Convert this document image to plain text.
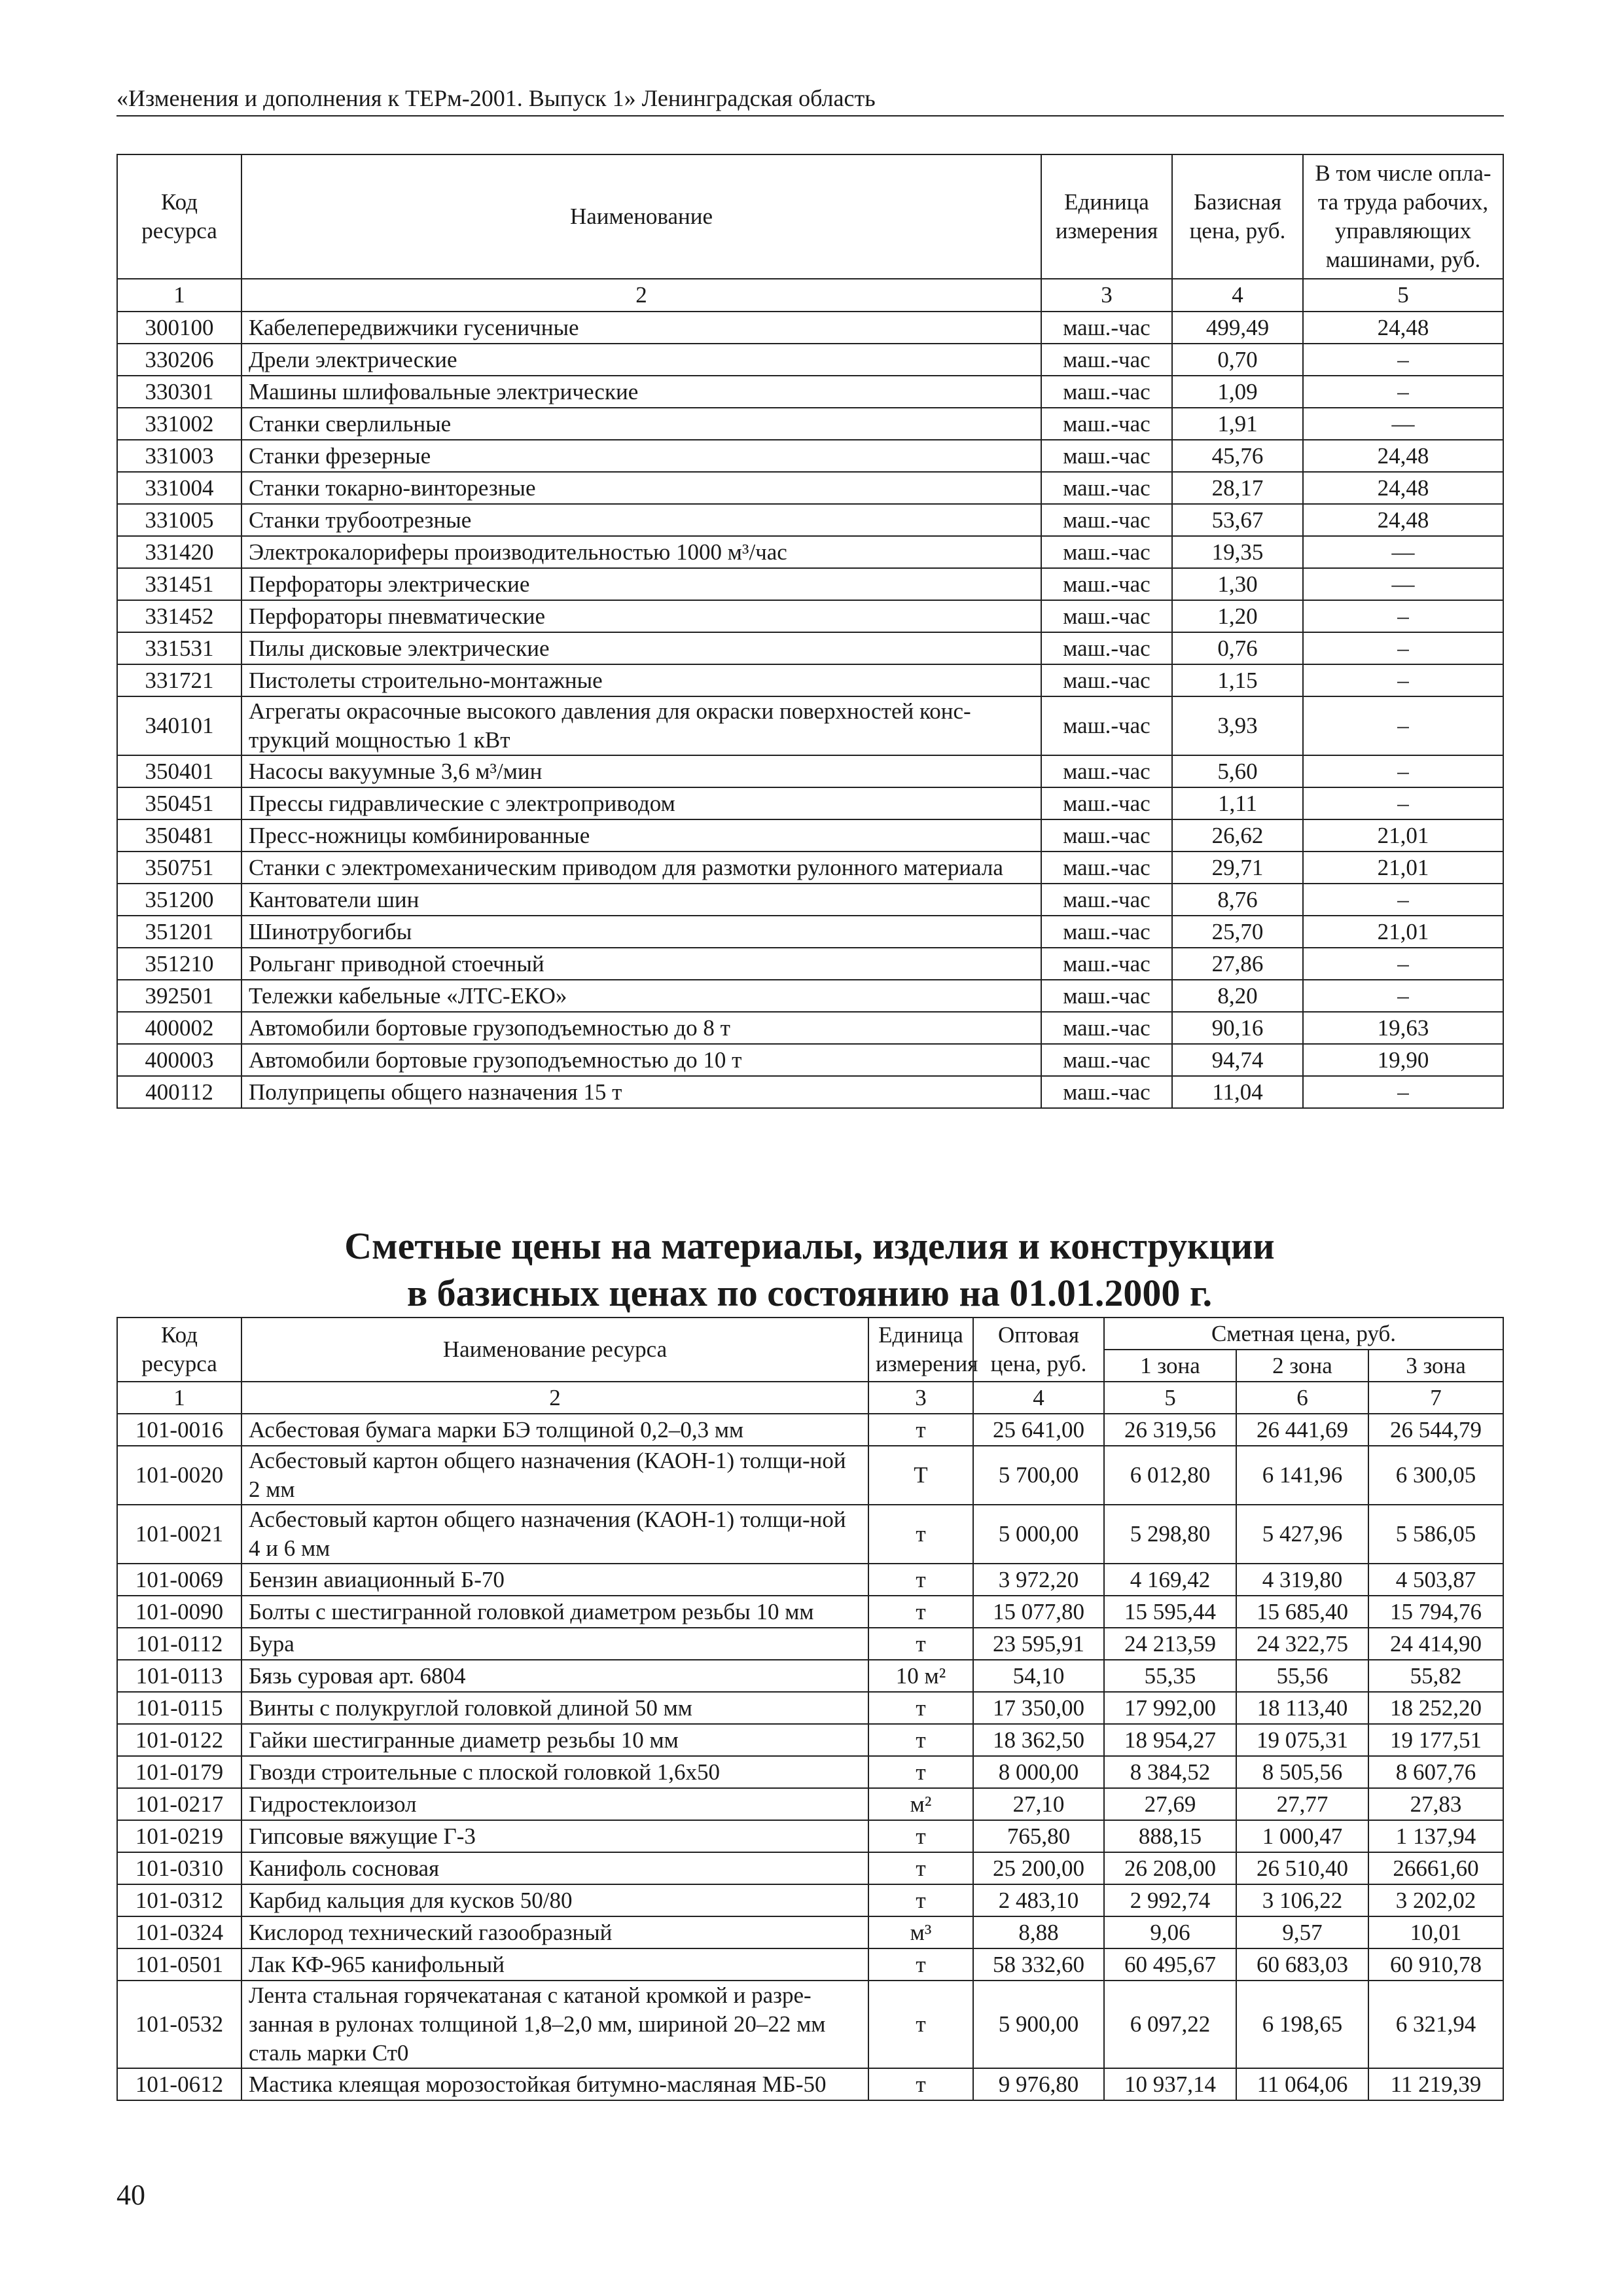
«Изменения и дополнения к ТЕРм-2001. Выпуск 1» Ленинградская область
Код ресурса	Наименование	Единица измерения	Базисная цена, руб.	В том числе опла-та труда рабочих, управляющих машинами, руб.
1	2	3	4	5
300100	Кабелепередвижчики гусеничные	маш.-час	499,49	24,48
330206	Дрели электрические	маш.-час	0,70	–
330301	Машины шлифовальные электрические	маш.-час	1,09	–
331002	Станки сверлильные	маш.-час	1,91	—
331003	Станки фрезерные	маш.-час	45,76	24,48
331004	Станки токарно-винторезные	маш.-час	28,17	24,48
331005	Станки трубоотрезные	маш.-час	53,67	24,48
331420	Электрокалориферы производительностью 1000 м³/час	маш.-час	19,35	—
331451	Перфораторы электрические	маш.-час	1,30	—
331452	Перфораторы пневматические	маш.-час	1,20	–
331531	Пилы дисковые электрические	маш.-час	0,76	–
331721	Пистолеты строительно-монтажные	маш.-час	1,15	–
340101	Агрегаты окрасочные высокого давления для окраски поверхностей конс-трукций мощностью 1 кВт	маш.-час	3,93	–
350401	Насосы вакуумные 3,6 м³/мин	маш.-час	5,60	–
350451	Прессы гидравлические с электроприводом	маш.-час	1,11	–
350481	Пресс-ножницы комбинированные	маш.-час	26,62	21,01
350751	Станки с электромеханическим приводом для размотки рулонного материала	маш.-час	29,71	21,01
351200	Кантователи шин	маш.-час	8,76	–
351201	Шинотрубогибы	маш.-час	25,70	21,01
351210	Рольганг приводной стоечный	маш.-час	27,86	–
392501	Тележки кабельные «ЛТС-ЕКО»	маш.-час	8,20	–
400002	Автомобили бортовые грузоподъемностью до 8 т	маш.-час	90,16	19,63
400003	Автомобили бортовые грузоподъемностью до 10 т	маш.-час	94,74	19,90
400112	Полуприцепы общего назначения 15 т	маш.-час	11,04	–
Сметные цены на материалы, изделия и конструкции
в базисных ценах по состоянию на 01.01.2000 г.
Код ресурса	Наименование ресурса	Единица измерения	Оптовая цена, руб.	Сметная цена, руб.		
				1 зона	2 зона	3 зона
1	2	3	4	5	6	7
101-0016	Асбестовая бумага марки БЭ толщиной 0,2–0,3 мм	т	25 641,00	26 319,56	26 441,69	26 544,79
101-0020	Асбестовый картон общего назначения (КАОН-1) толщи-ной 2 мм	Т	5 700,00	6 012,80	6 141,96	6 300,05
101-0021	Асбестовый картон общего назначения (КАОН-1) толщи-ной 4 и 6 мм	т	5 000,00	5 298,80	5 427,96	5 586,05
101-0069	Бензин авиационный Б-70	т	3 972,20	4 169,42	4 319,80	4 503,87
101-0090	Болты с шестигранной головкой диаметром резьбы 10 мм	т	15 077,80	15 595,44	15 685,40	15 794,76
101-0112	Бура	т	23 595,91	24 213,59	24 322,75	24 414,90
101-0113	Бязь суровая арт. 6804	10 м²	54,10	55,35	55,56	55,82
101-0115	Винты с полукруглой головкой длиной 50 мм	т	17 350,00	17 992,00	18 113,40	18 252,20
101-0122	Гайки шестигранные диаметр резьбы 10 мм	т	18 362,50	18 954,27	19 075,31	19 177,51
101-0179	Гвозди строительные с плоской головкой 1,6х50	т	8 000,00	8 384,52	8 505,56	8 607,76
101-0217	Гидростеклоизол	м²	27,10	27,69	27,77	27,83
101-0219	Гипсовые вяжущие Г-3	т	765,80	888,15	1 000,47	1 137,94
101-0310	Канифоль сосновая	т	25 200,00	26 208,00	26 510,40	26661,60
101-0312	Карбид кальция для кусков 50/80	т	2 483,10	2 992,74	3 106,22	3 202,02
101-0324	Кислород технический газообразный	м³	8,88	9,06	9,57	10,01
101-0501	Лак КФ-965 канифольный	т	58 332,60	60 495,67	60 683,03	60 910,78
101-0532	Лента стальная горячекатаная с катаной кромкой и разре-занная в рулонах толщиной 1,8–2,0 мм, шириной 20–22 мм сталь марки Ст0	т	5 900,00	6 097,22	6 198,65	6 321,94
101-0612	Мастика клеящая морозостойкая битумно-масляная МБ-50	т	9 976,80	10 937,14	11 064,06	11 219,39
40
